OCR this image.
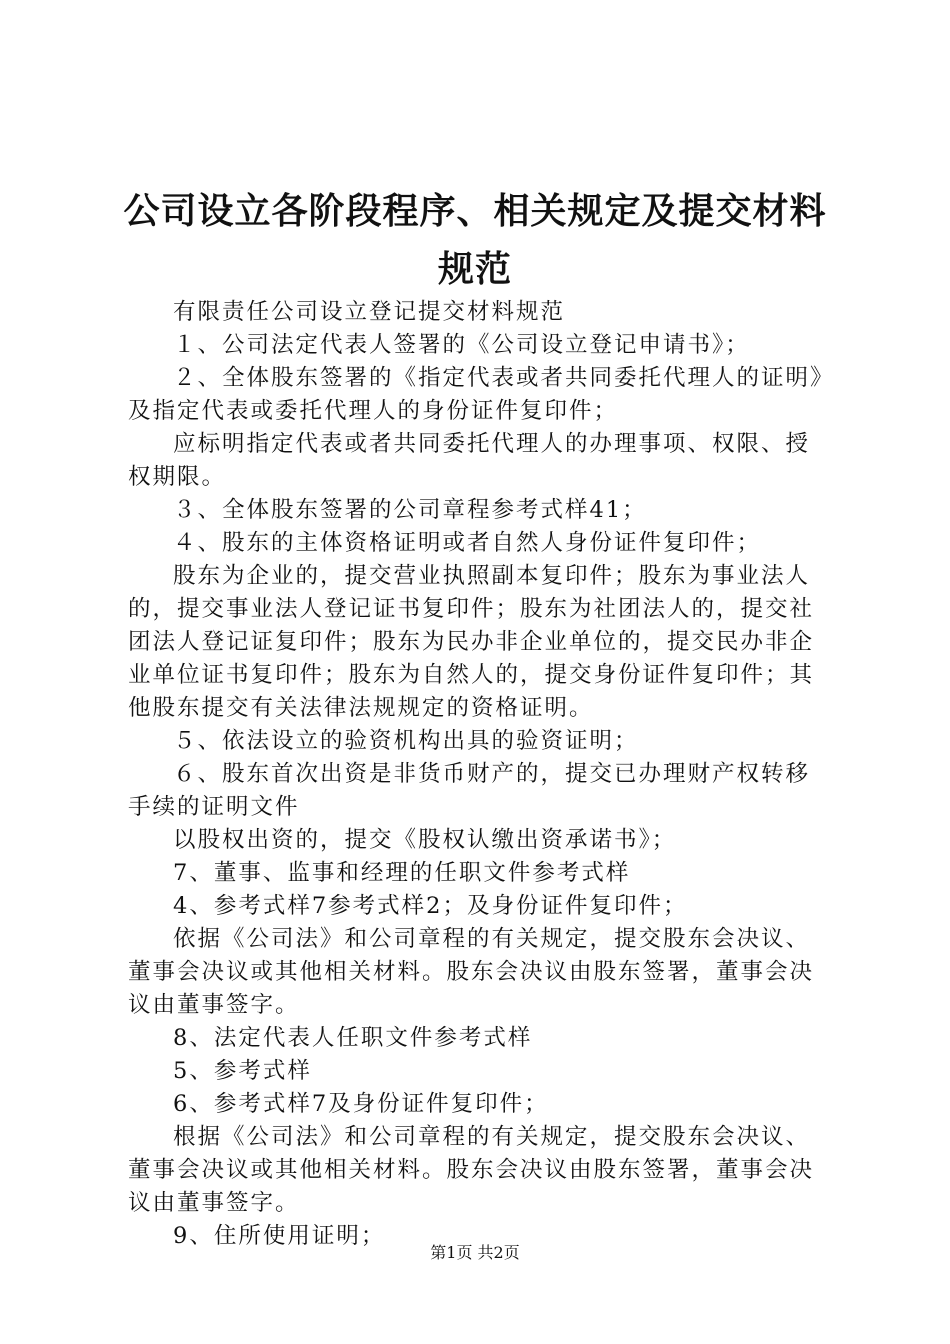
公司设立各阶段程序、相关规定及提交材料规范

有限责任公司设立登记提交材料规范

１、公司法定代表人签署的《公司设立登记申请书》；

２、全体股东签署的《指定代表或者共同委托代理人的证明》及指定代表或委托代理人的身份证件复印件；

应标明指定代表或者共同委托代理人的办理事项、权限、授权期限。

３、全体股东签署的公司章程参考式样41；

４、股东的主体资格证明或者自然人身份证件复印件；

股东为企业的，提交营业执照副本复印件；股东为事业法人的，提交事业法人登记证书复印件；股东为社团法人的，提交社团法人登记证复印件；股东为民办非企业单位的，提交民办非企业单位证书复印件；股东为自然人的，提交身份证件复印件；其他股东提交有关法律法规规定的资格证明。

５、依法设立的验资机构出具的验资证明；

６、股东首次出资是非货币财产的，提交已办理财产权转移手续的证明文件

以股权出资的，提交《股权认缴出资承诺书》；

7、董事、监事和经理的任职文件参考式样

4、参考式样7参考式样2；及身份证件复印件；

依据《公司法》和公司章程的有关规定，提交股东会决议、董事会决议或其他相关材料。股东会决议由股东签署，董事会决议由董事签字。

8、法定代表人任职文件参考式样

5、参考式样

6、参考式样7及身份证件复印件；

根据《公司法》和公司章程的有关规定，提交股东会决议、董事会决议或其他相关材料。股东会决议由股东签署，董事会决议由董事签字。

9、住所使用证明；

第1页 共2页
